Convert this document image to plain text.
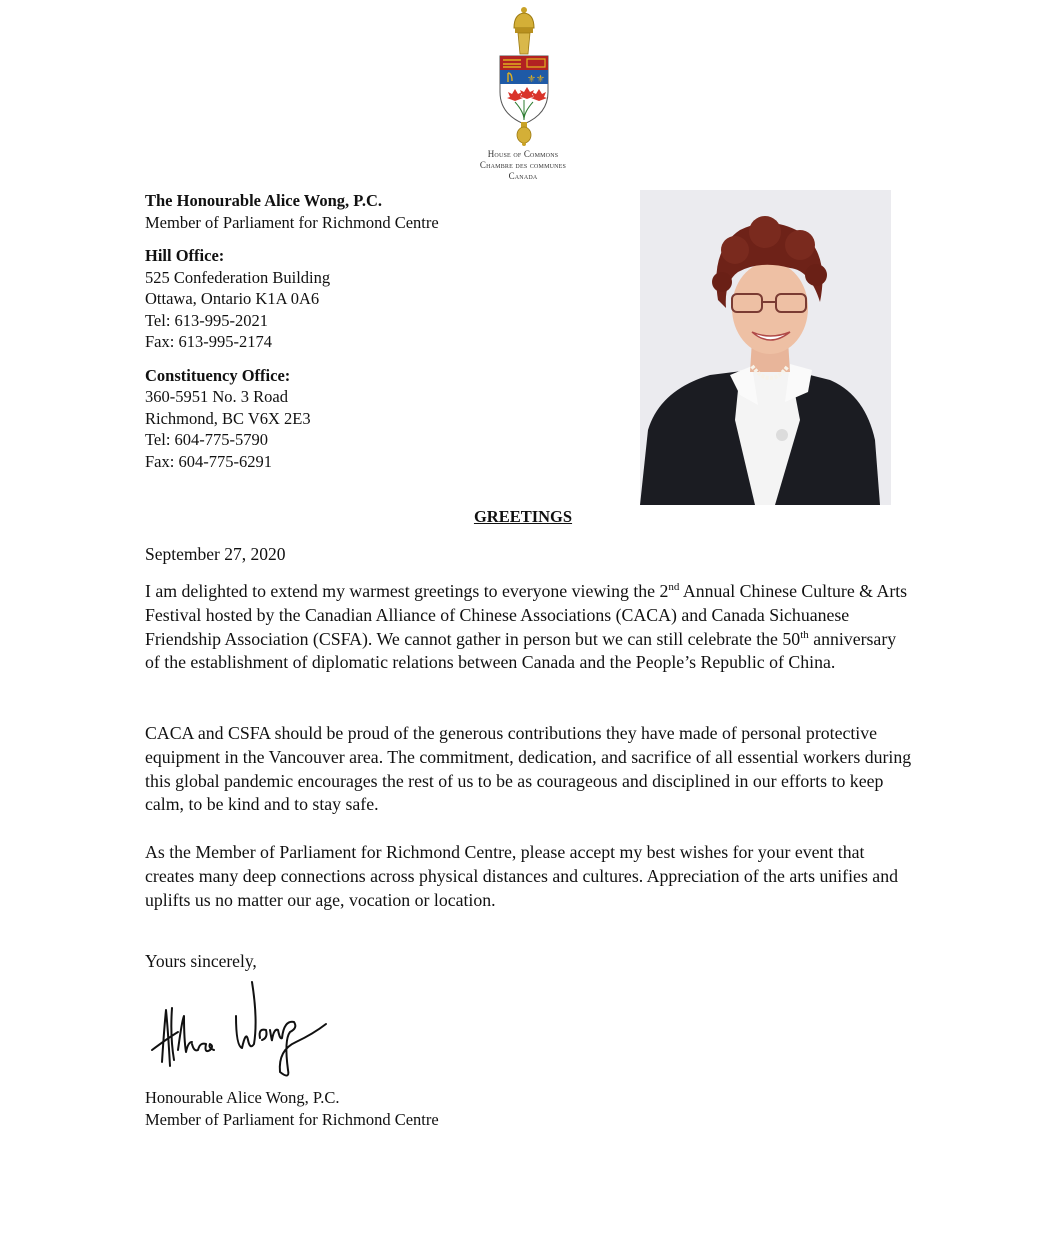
⚜⚜
House of Commons
Chambre des communes
Canada
The Honourable Alice Wong, P.C.
Member of Parliament for Richmond Centre
Hill Office:
525 Confederation Building
Ottawa, Ontario K1A 0A6
Tel: 613-995-2021
Fax: 613-995-2174
Constituency Office:
360-5951 No. 3 Road
Richmond, BC V6X 2E3
Tel: 604-775-5790
Fax: 604-775-6291
GREETINGS
September 27, 2020
I am delighted to extend my warmest greetings to everyone viewing the 2nd Annual Chinese Culture & Arts Festival hosted by the Canadian Alliance of Chinese Associations (CACA) and Canada Sichuanese Friendship Association (CSFA). We cannot gather in person but we can still celebrate the 50th anniversary of the establishment of diplomatic relations between Canada and the People’s Republic of China.
CACA and CSFA should be proud of the generous contributions they have made of personal protective equipment in the Vancouver area. The commitment, dedication, and sacrifice of all essential workers during this global pandemic encourages the rest of us to be as courageous and disciplined in our efforts to keep calm, to be kind and to stay safe.
As the Member of Parliament for Richmond Centre, please accept my best wishes for your event that creates many deep connections across physical distances and cultures. Appreciation of the arts unifies and uplifts us no matter our age, vocation or location.
Yours sincerely,
Honourable Alice Wong, P.C.
Member of Parliament for Richmond Centre
